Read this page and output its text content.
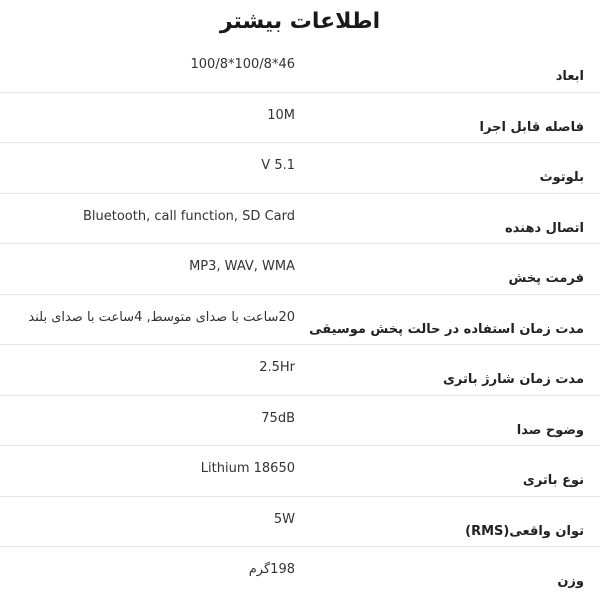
اطلاعات بیشتر
ابعاد
100/8*100/8*46
فاصله قابل اجرا
10M
بلوتوث
V 5.1
اتصال دهنده
Bluetooth, call function, SD Card
فرمت پخش
MP3, WAV, WMA
مدت زمان استفاده در حالت پخش موسیقی
20ساعت با صدای متوسط, 4ساعت با صدای بلند
مدت زمان شارژ باتری
2.5Hr
وضوح صدا
75dB
نوع باتری
Lithium 18650
توان واقعی(RMS)
5W
وزن
198گرم
